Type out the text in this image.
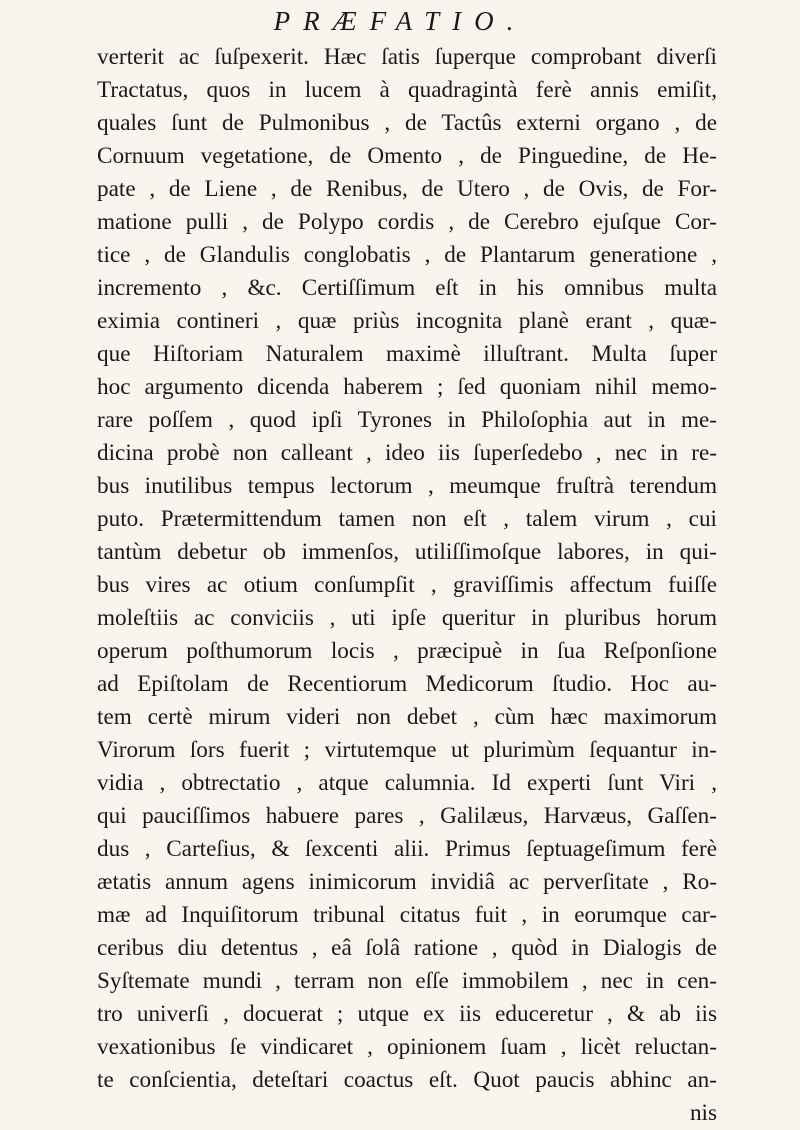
PRÆFATIO.
verterit ac ſuſpexerit. Hæc ſatis ſuperque comprobant diverſi
Tractatus, quos in lucem à quadragintà ferè annis emiſit,
quales ſunt de Pulmonibus , de Tactûs externi organo , de
Cornuum vegetatione, de Omento , de Pinguedine, de He-
pate , de Liene , de Renibus, de Utero , de Ovis, de For-
matione pulli , de Polypo cordis , de Cerebro ejuſque Cor-
tice , de Glandulis conglobatis , de Plantarum generatione ,
incremento , &c. Certiſſimum eſt in his omnibus multa
eximia contineri , quæ priùs incognita planè erant , quæ-
que Hiſtoriam Naturalem maximè illuſtrant. Multa ſuper
hoc argumento dicenda haberem ; ſed quoniam nihil memo-
rare poſſem , quod ipſi Tyrones in Philoſophia aut in me-
dicina probè non calleant , ideo iis ſuperſedebo , nec in re-
bus inutilibus tempus lectorum , meumque fruſtrà terendum
puto. Prætermittendum tamen non eſt , talem virum , cui
tantùm debetur ob immenſos, utiliſſimoſque labores, in qui-
bus vires ac otium conſumpſit , graviſſimis affectum fuiſſe
moleſtiis ac conviciis , uti ipſe queritur in pluribus horum
operum poſthumorum locis , præcipuè in ſua Reſponſione
ad Epiſtolam de Recentiorum Medicorum ſtudio. Hoc au-
tem certè mirum videri non debet , cùm hæc maximorum
Virorum ſors fuerit ; virtutemque ut plurimùm ſequantur in-
vidia , obtrectatio , atque calumnia. Id experti ſunt Viri ,
qui pauciſſimos habuere pares , Galilæus, Harvæus, Gaſſen-
dus , Carteſius, & ſexcenti alii. Primus ſeptuageſimum ferè
ætatis annum agens inimicorum invidiâ ac perverſitate , Ro-
mæ ad Inquiſitorum tribunal citatus fuit , in eorumque car-
ceribus diu detentus , eâ ſolâ ratione , quòd in Dialogis de
Syſtemate mundi , terram non eſſe immobilem , nec in cen-
tro univerſi , docuerat ; utque ex iis educeretur , & ab iis
vexationibus ſe vindicaret , opinionem ſuam , licèt reluctan-
te conſcientia, deteſtari coactus eſt. Quot paucis abhinc an-
nis
